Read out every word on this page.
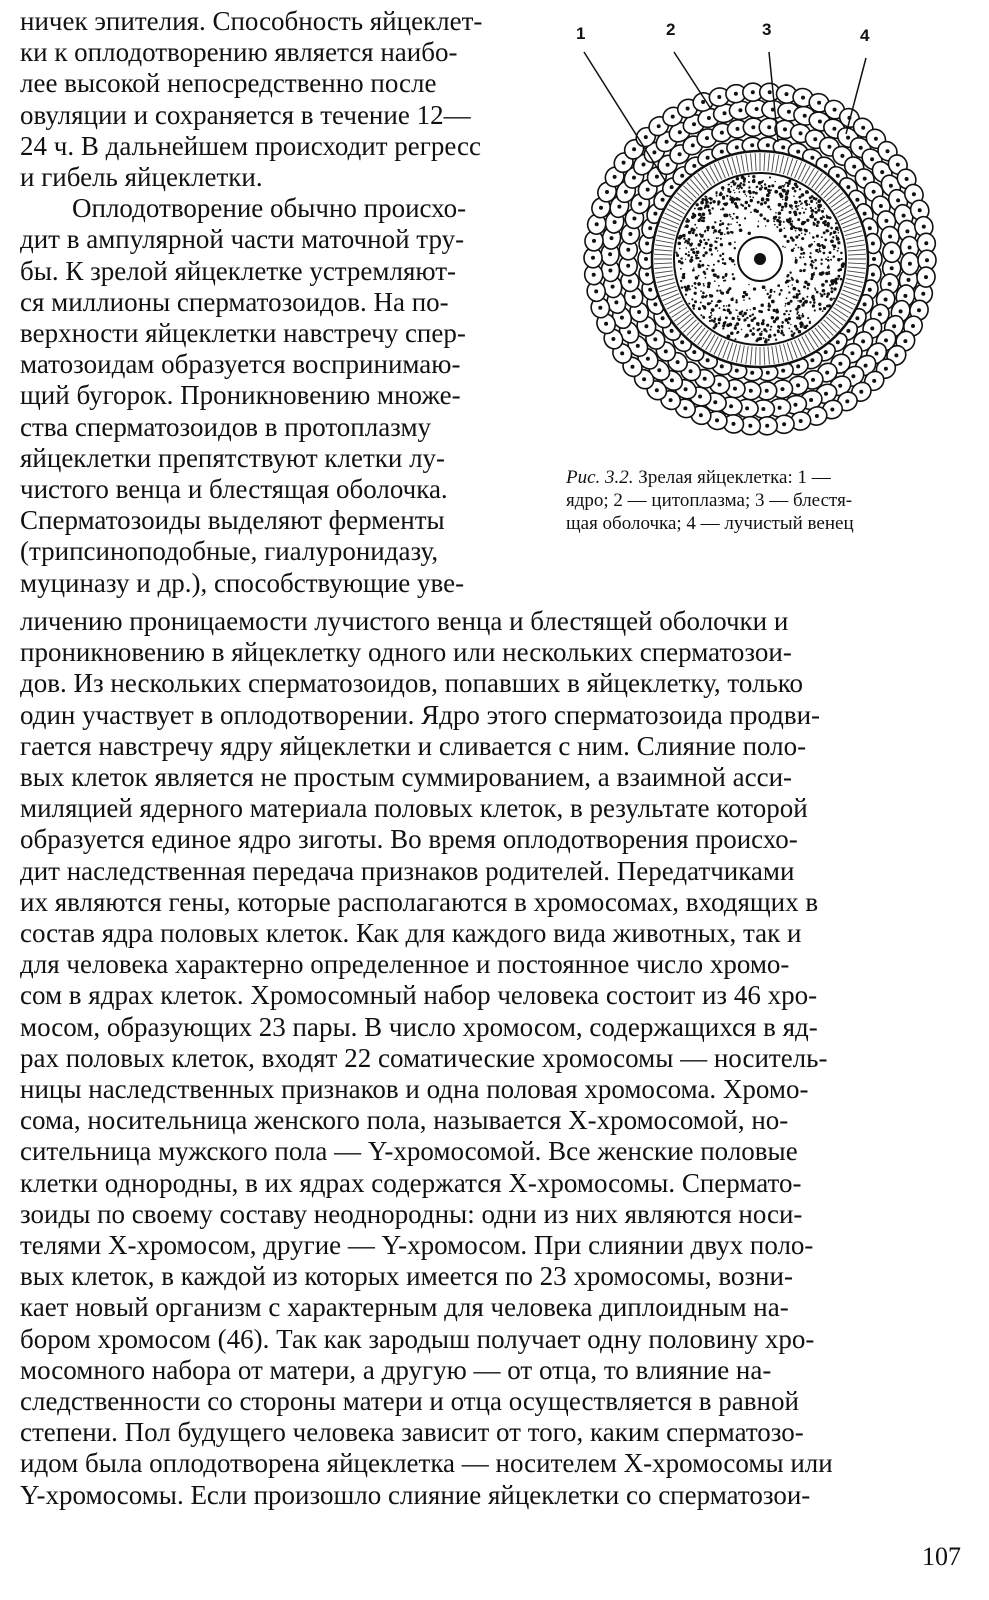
ничек эпителия. Способность яйцеклет-
ки к оплодотворению является наибо-
лее высокой непосредственно после
овуляции и сохраняется в течение 12—
24 ч. В дальнейшем происходит регресс
и гибель яйцеклетки.
Оплодотворение обычно происхо-
дит в ампулярной части маточной тру-
бы. К зрелой яйцеклетке устремляют-
ся миллионы сперматозоидов. На по-
верхности яйцеклетки навстречу спер-
матозоидам образуется воспринимаю-
щий бугорок. Проникновению множе-
ства сперматозоидов в протоплазму
яйцеклетки препятствуют клетки лу-
чистого венца и блестящая оболочка.
Сперматозоиды выделяют ферменты
(трипсиноподобные, гиалуронидазу,
муциназу и др.), способствующие уве-
1	2	3	4
Рис. 3.2. Зрелая яйцеклетка: 1 —
ядро; 2 — цитоплазма; 3 — блестя-
щая оболочка; 4 — лучистый венец
личению проницаемости лучистого венца и блестящей оболочки и
проникновению в яйцеклетку одного или нескольких сперматозои-
дов. Из нескольких сперматозоидов, попавших в яйцеклетку, только
один участвует в оплодотворении. Ядро этого сперматозоида продви-
гается навстречу ядру яйцеклетки и сливается с ним. Слияние поло-
вых клеток является не простым суммированием, а взаимной асси-
миляцией ядерного материала половых клеток, в результате которой
образуется единое ядро зиготы. Во время оплодотворения происхо-
дит наследственная передача признаков родителей. Передатчиками
их являются гены, которые располагаются в хромосомах, входящих в
состав ядра половых клеток. Как для каждого вида животных, так и
для человека характерно определенное и постоянное число хромо-
сом в ядрах клеток. Хромосомный набор человека состоит из 46 хро-
мосом, образующих 23 пары. В число хромосом, содержащихся в яд-
рах половых клеток, входят 22 соматические хромосомы — носитель-
ницы наследственных признаков и одна половая хромосома. Хромо-
сома, носительница женского пола, называется X-хромосомой, но-
сительница мужского пола — Y-хромосомой. Все женские половые
клетки однородны, в их ядрах содержатся X-хромосомы. Спермато-
зоиды по своему составу неоднородны: одни из них являются носи-
телями X-хромосом, другие — Y-хромосом. При слиянии двух поло-
вых клеток, в каждой из которых имеется по 23 хромосомы, возни-
кает новый организм с характерным для человека диплоидным на-
бором хромосом (46). Так как зародыш получает одну половину хро-
мосомного набора от матери, а другую — от отца, то влияние на-
следственности со стороны матери и отца осуществляется в равной
степени. Пол будущего человека зависит от того, каким сперматозо-
идом была оплодотворена яйцеклетка — носителем X-хромосомы или
Y-хромосомы. Если произошло слияние яйцеклетки со сперматозои-
107
